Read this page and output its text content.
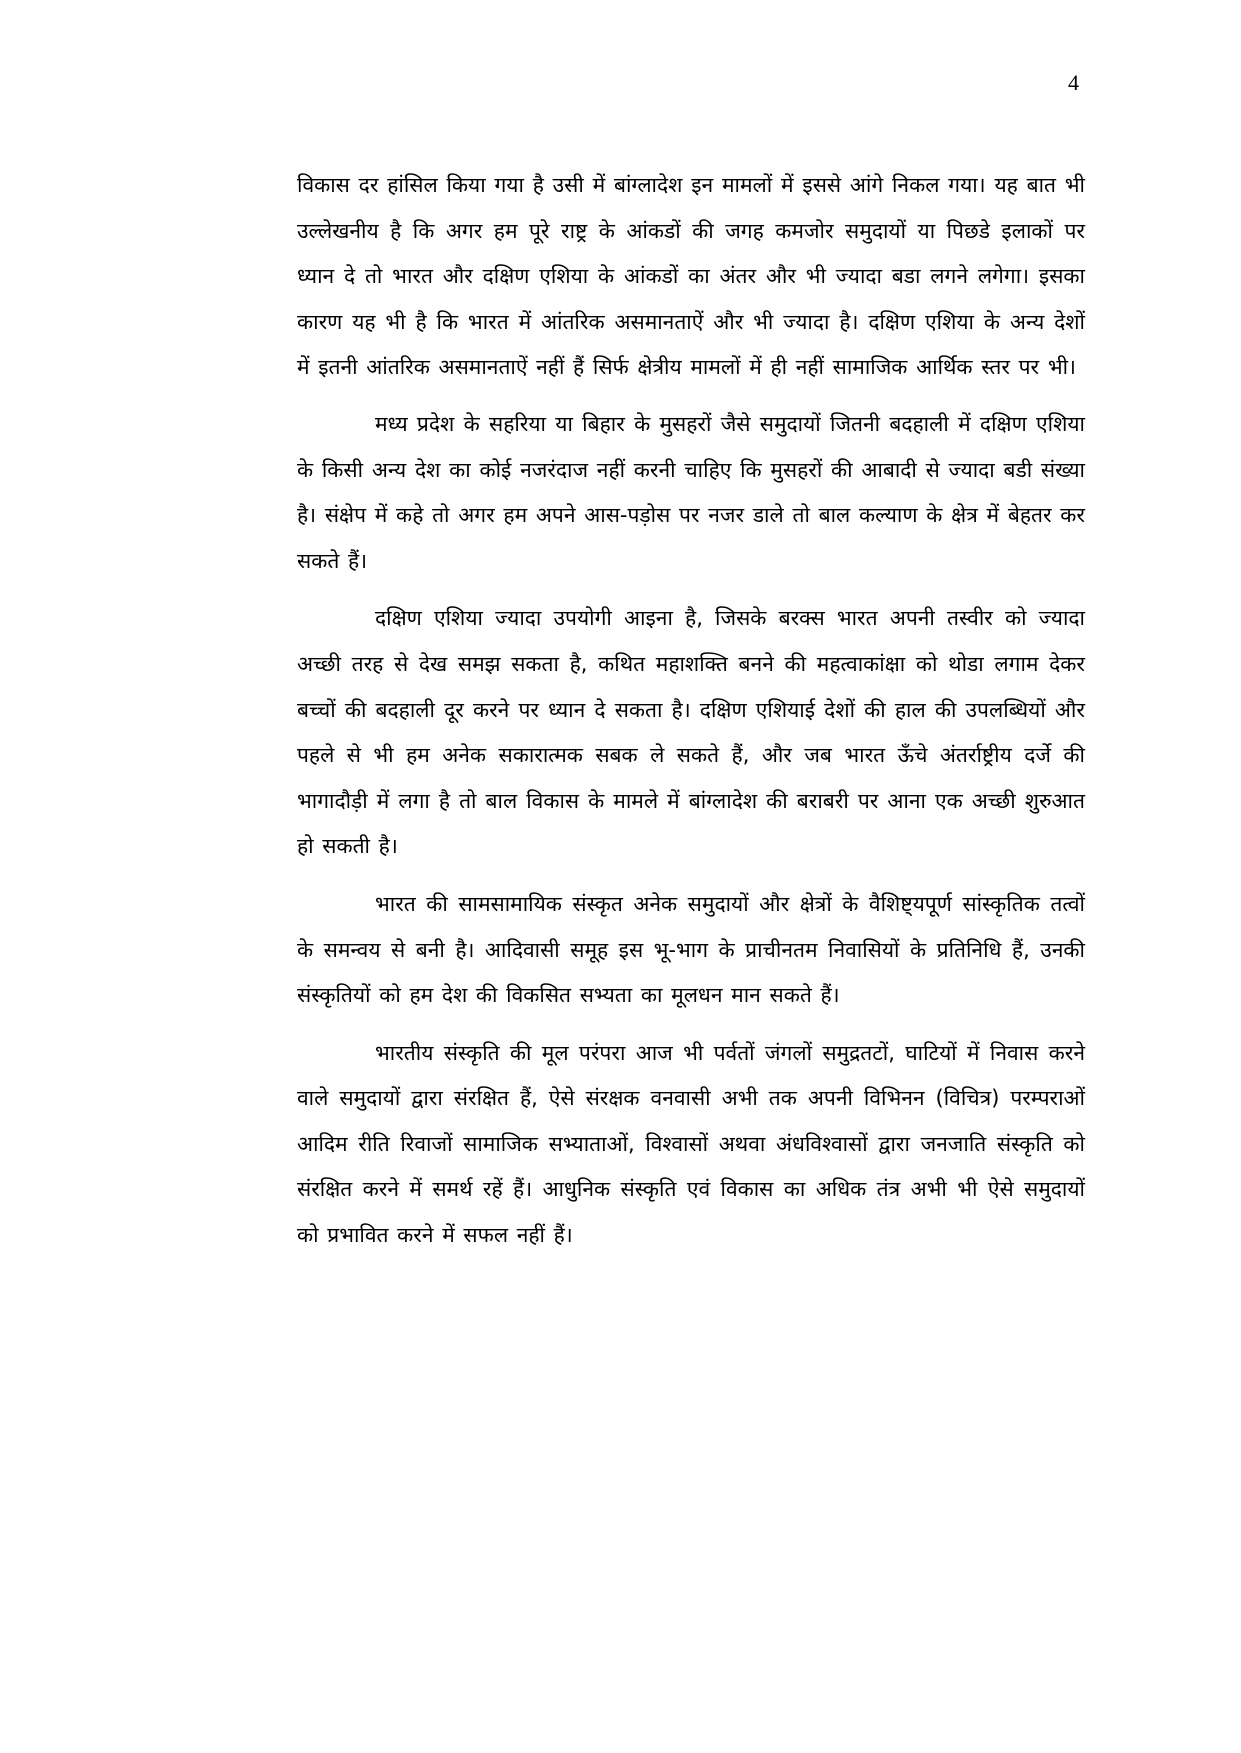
4

विकास दर हांसिल किया गया है उसी में बांग्लादेश इन मामलों में इससे आंगे निकल गया। यह बात भी उल्लेखनीय है कि अगर हम पूरे राष्ट्र के आंकडों की जगह कमजोर समुदायों या पिछडे इलाकों पर ध्यान दे तो भारत और दक्षिण एशिया के आंकडों का अंतर और भी ज्यादा बडा लगने लगेगा। इसका कारण यह भी है कि भारत में आंतरिक असमानताऐं और भी ज्यादा है। दक्षिण एशिया के अन्य देशों में इतनी आंतरिक असमानताऐं नहीं हैं सिर्फ क्षेत्रीय मामलों में ही नहीं सामाजिक आर्थिक स्तर पर भी।

मध्य प्रदेश के सहरिया या बिहार के मुसहरों जैसे समुदायों जितनी बदहाली में दक्षिण एशिया के किसी अन्य देश का कोई नजरंदाज नहीं करनी चाहिए कि मुसहरों की आबादी से ज्यादा बडी संख्या है। संक्षेप में कहे तो अगर हम अपने आस-पड़ोस पर नजर डाले तो बाल कल्याण के क्षेत्र में बेहतर कर सकते हैं।

दक्षिण एशिया ज्यादा उपयोगी आइना है, जिसके बरक्स भारत अपनी तस्वीर को ज्यादा अच्छी तरह से देख समझ सकता है, कथित महाशक्ति बनने की महत्वाकांक्षा को थोडा लगाम देकर बच्चों की बदहाली दूर करने पर ध्यान दे सकता है। दक्षिण एशियाई देशों की हाल की उपलब्धियों और पहले से भी हम अनेक सकारात्मक सबक ले सकते हैं, और जब भारत ऊँचे अंतर्राष्ट्रीय दर्जे की भागादौड़ी में लगा है तो बाल विकास के मामले में बांग्लादेश की बराबरी पर आना एक अच्छी शुरुआत हो सकती है।

भारत की सामसामायिक संस्कृत अनेक समुदायों और क्षेत्रों के वैशिष्ट्यपूर्ण सांस्कृतिक तत्वों के समन्वय से बनी है। आदिवासी समूह इस भू-भाग के प्राचीनतम निवासियों के प्रतिनिधि हैं, उनकी संस्कृतियों को हम देश की विकसित सभ्यता का मूलधन मान सकते हैं।

भारतीय संस्कृति की मूल परंपरा आज भी पर्वतों जंगलों समुद्रतटों, घाटियों में निवास करने वाले समुदायों द्वारा संरक्षित हैं, ऐसे संरक्षक वनवासी अभी तक अपनी विभिनन (विचित्र) परम्पराओं आदिम रीति रिवाजों सामाजिक सभ्याताओं, विश्वासों अथवा अंधविश्वासों द्वारा जनजाति संस्कृति को संरक्षित करने में समर्थ रहें हैं। आधुनिक संस्कृति एवं विकास का अधिक तंत्र अभी भी ऐसे समुदायों को प्रभावित करने में सफल नहीं हैं।
